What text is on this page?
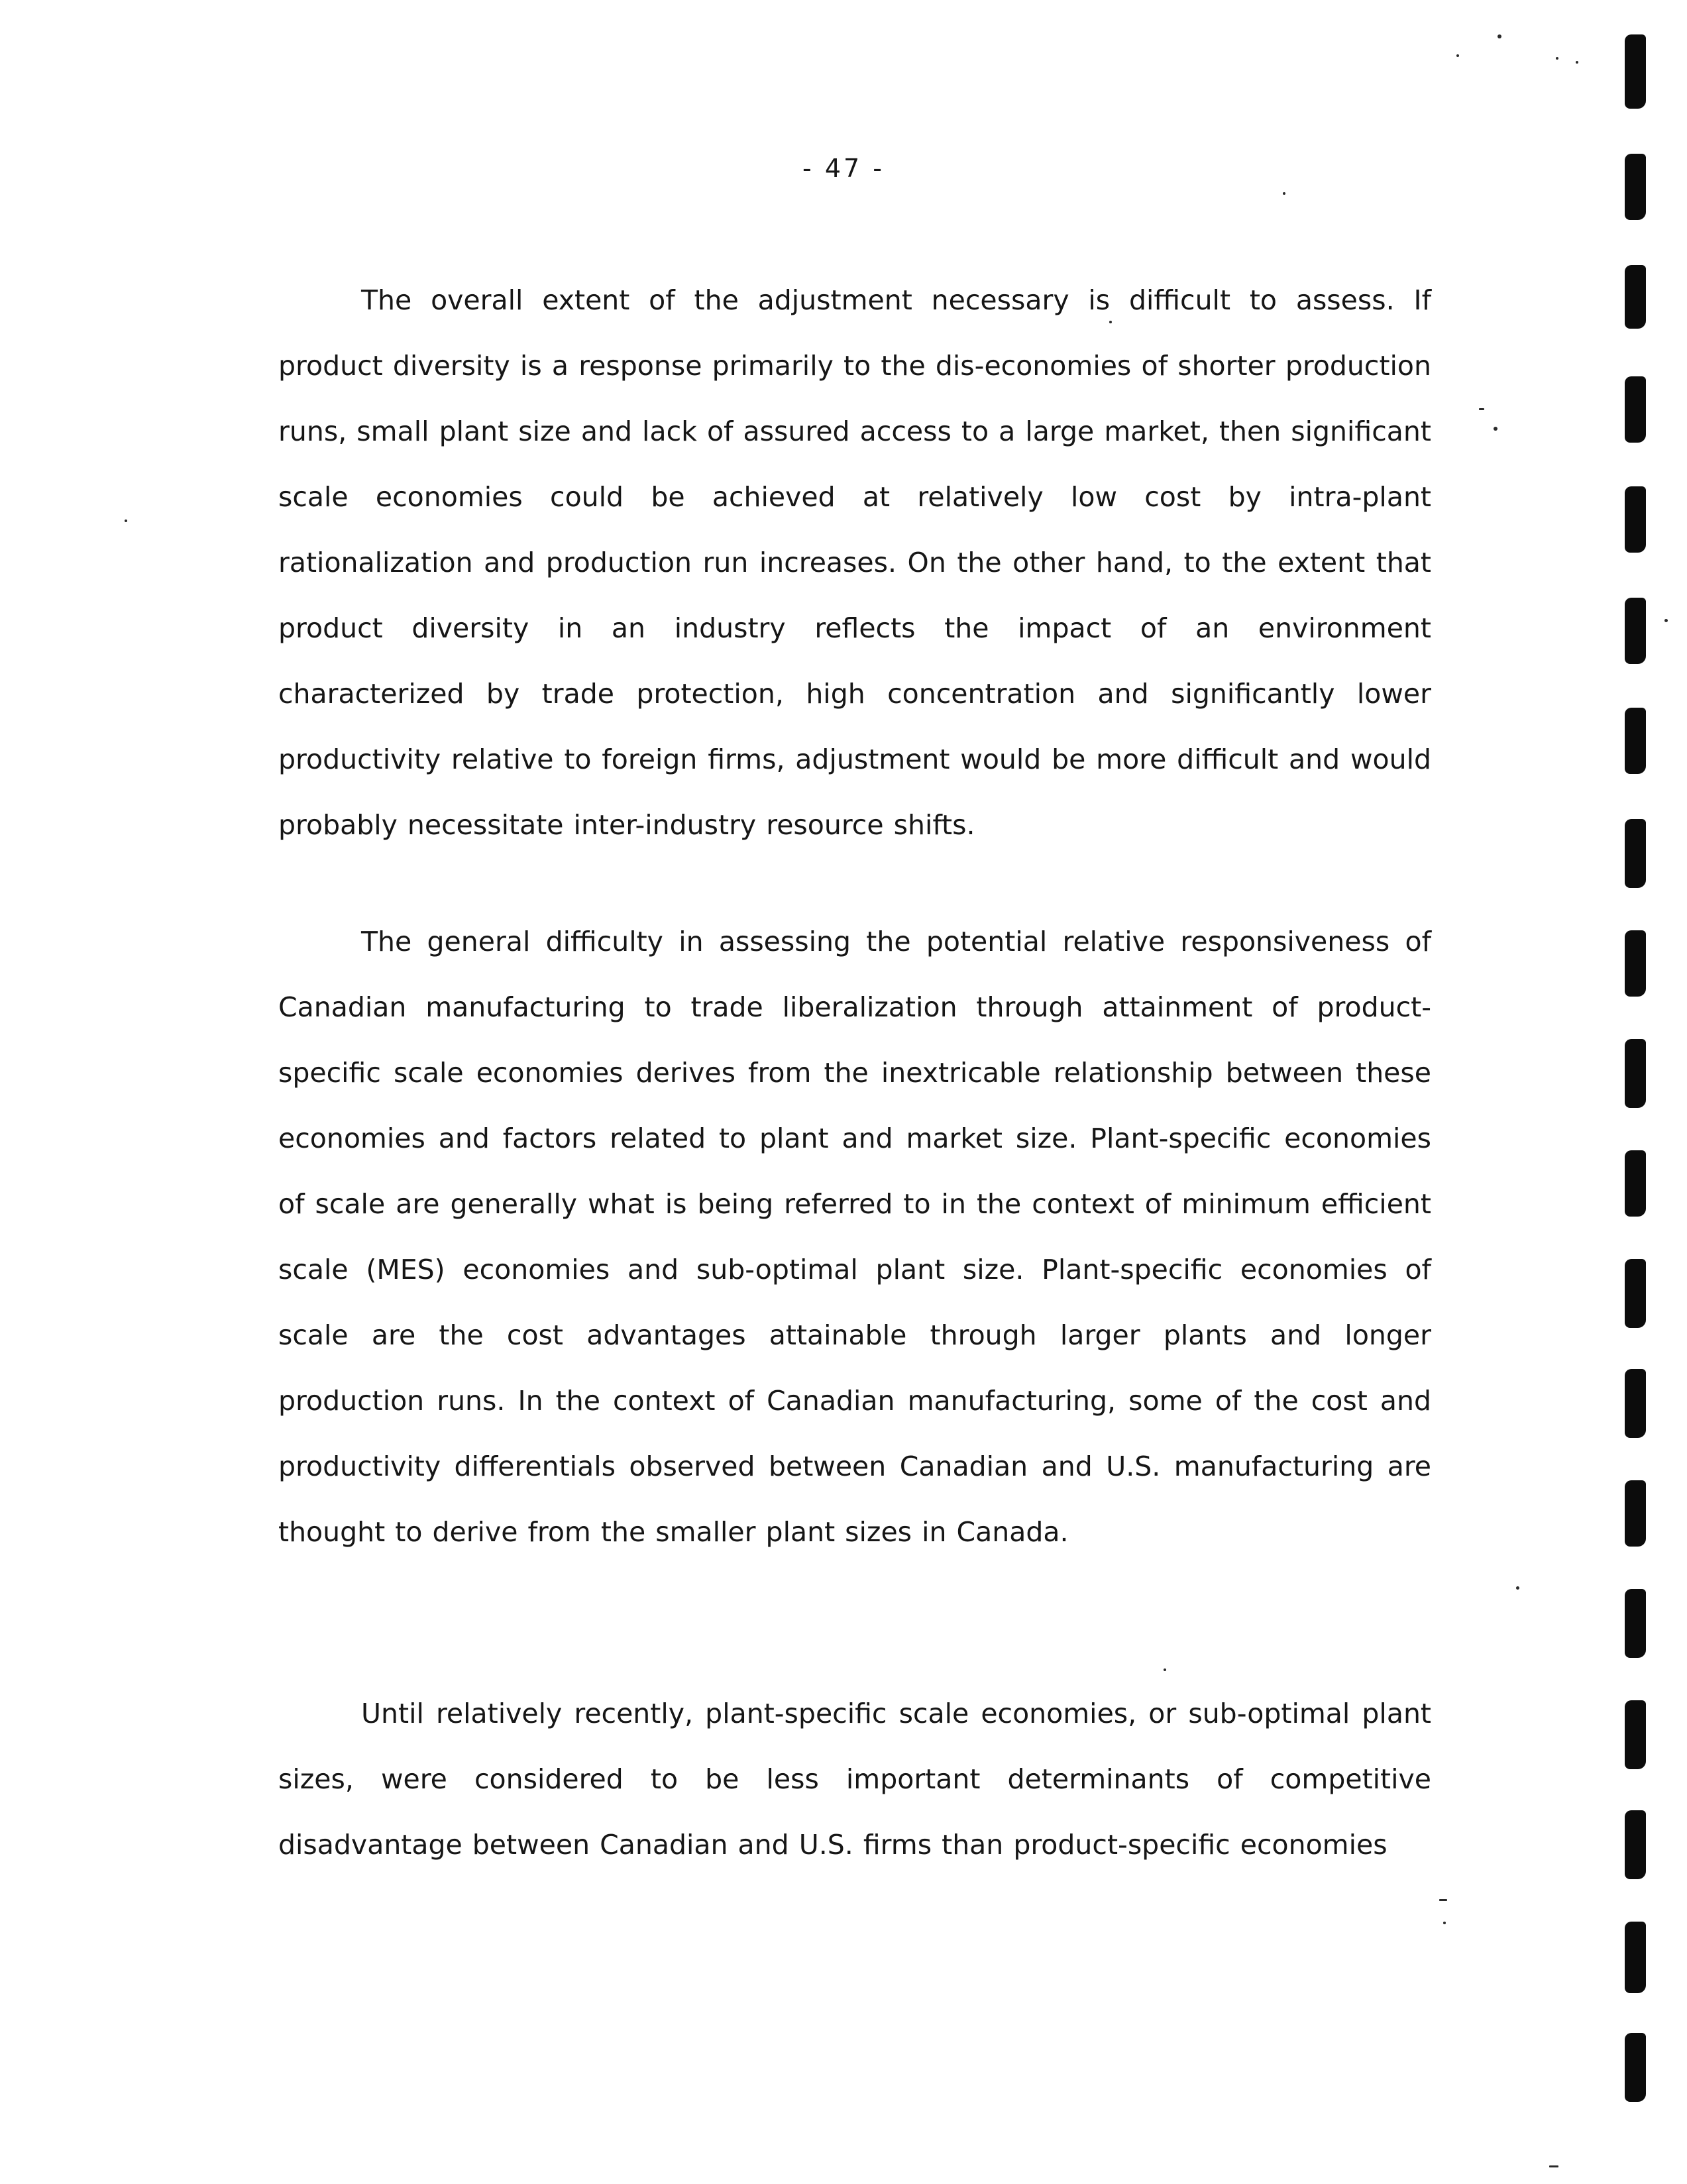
- 47 -

The overall extent of the adjustment necessary is difficult to assess. If product diversity is a response primarily to the dis-economies of shorter production runs, small plant size and lack of assured access to a large market, then significant scale economies could be achieved at relatively low cost by intra-plant rationalization and production run increases. On the other hand, to the extent that product diversity in an industry reflects the impact of an environment characterized by trade protection, high concentration and significantly lower productivity relative to foreign firms, adjustment would be more difficult and would probably necessitate inter-industry resource shifts.

The general difficulty in assessing the potential relative responsiveness of Canadian manufacturing to trade liberalization through attainment of product-specific scale economies derives from the inextricable relationship between these economies and factors related to plant and market size. Plant-specific economies of scale are generally what is being referred to in the context of minimum efficient scale (MES) economies and sub-optimal plant size. Plant-specific economies of scale are the cost advantages attainable through larger plants and longer production runs. In the context of Canadian manufacturing, some of the cost and productivity differentials observed between Canadian and U.S. manufacturing are thought to derive from the smaller plant sizes in Canada.

Until relatively recently, plant-specific scale economies, or sub-optimal plant sizes, were considered to be less important determinants of competitive disadvantage between Canadian and U.S. firms than product-specific economies
